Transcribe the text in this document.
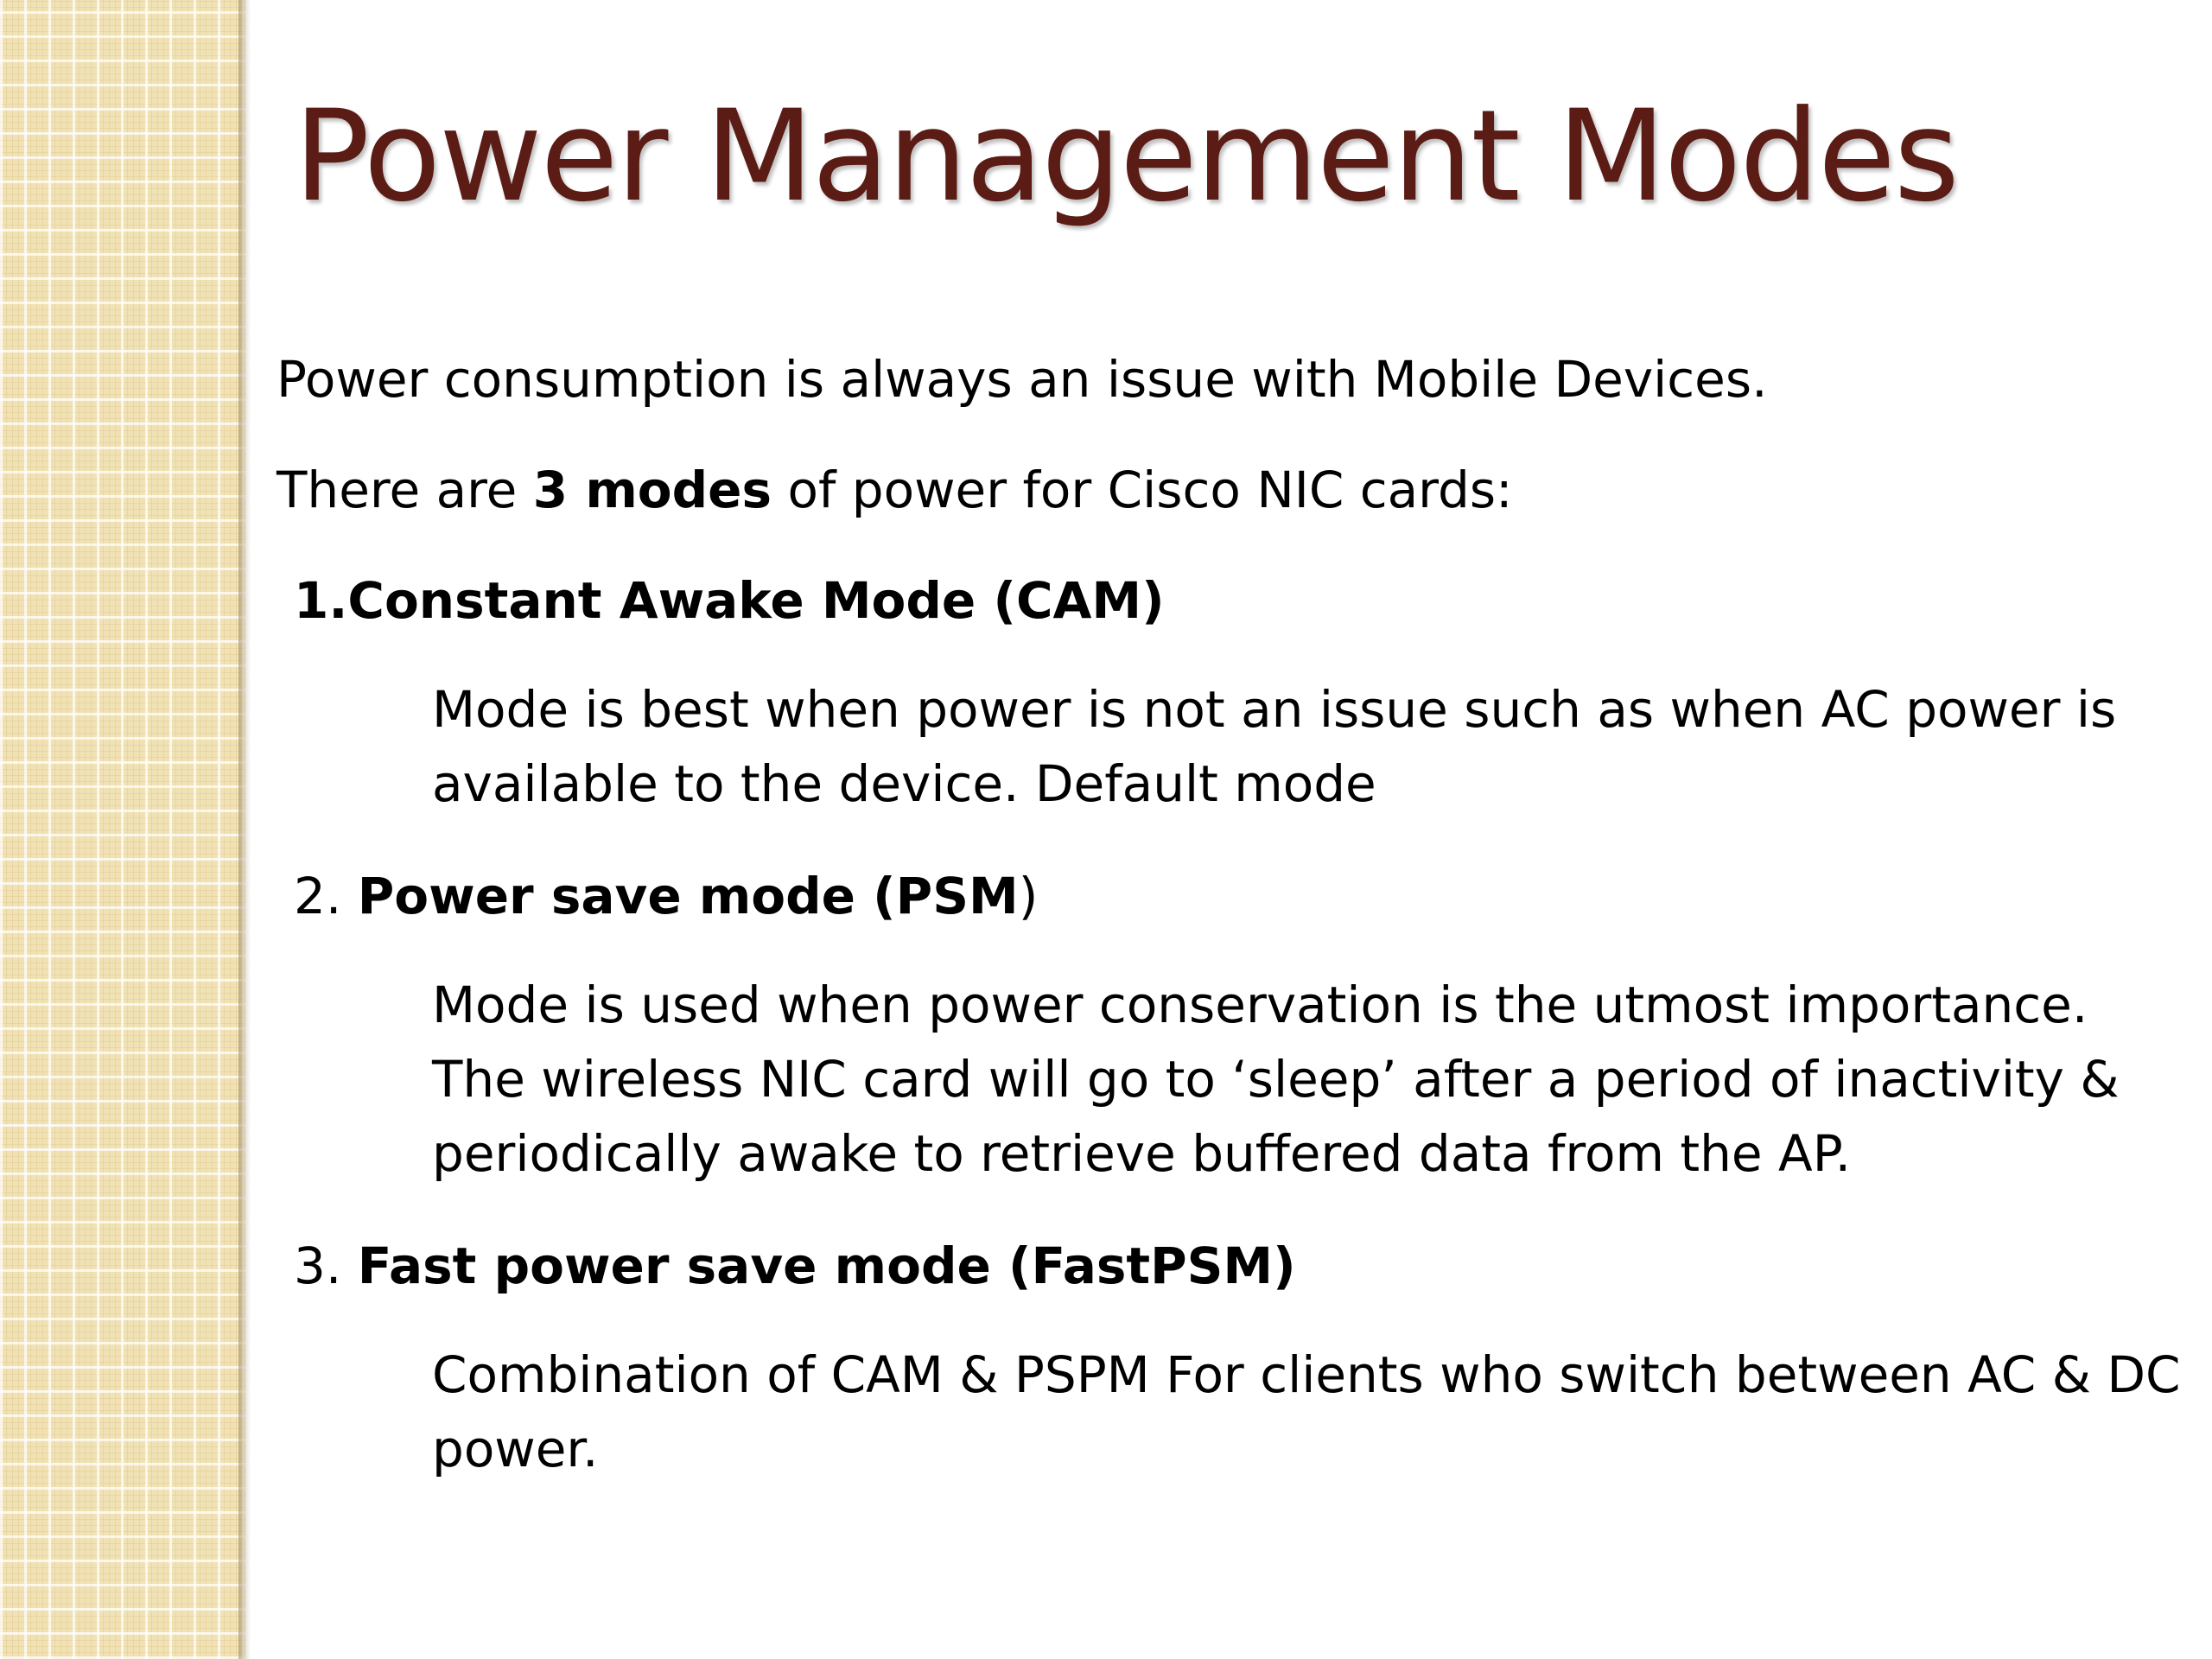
Power Management Modes

Power consumption is always an issue with Mobile Devices.

There are 3 modes of power for Cisco NIC cards:

1.Constant Awake Mode (CAM)

Mode is best when power is not an issue such as when AC power is available to the device. Default mode

2. Power save mode (PSM)

Mode is used when power conservation is the utmost importance. The wireless NIC card will go to ‘sleep’ after a period of inactivity & periodically awake to retrieve buffered data from the AP.

3. Fast power save mode (FastPSM)

Combination of CAM & PSPM For clients who switch between AC & DC power.
